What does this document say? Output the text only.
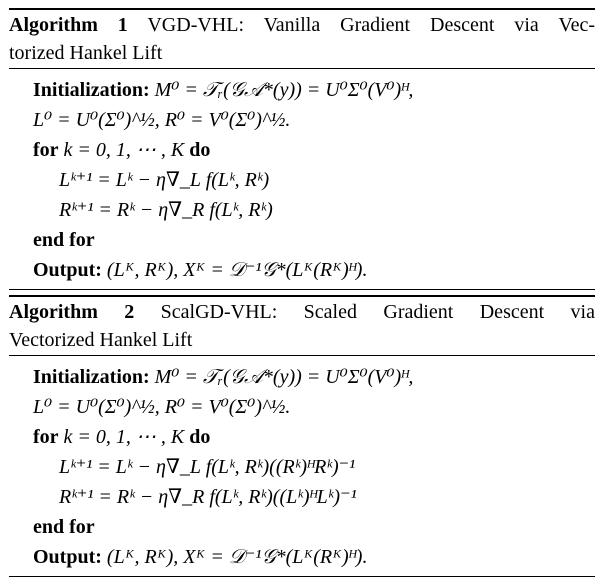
Algorithm 1 VGD-VHL: Vanilla Gradient Descent via Vec-
torized Hankel Lift
Initialization: M⁰ = 𝒯ᵣ(𝒢𝒜*(y)) = U⁰Σ⁰(V⁰)ᴴ,
L⁰ = U⁰(Σ⁰)^½, R⁰ = V⁰(Σ⁰)^½.
for k = 0, 1, ⋯ , K do
Lᵏ⁺¹ = Lᵏ − η∇_L f(Lᵏ, Rᵏ)
Rᵏ⁺¹ = Rᵏ − η∇_R f(Lᵏ, Rᵏ)
end for
Output: (Lᴷ, Rᴷ), Xᴷ = 𝒟⁻¹𝒢*(Lᴷ(Rᴷ)ᴴ).
Algorithm 2 ScalGD-VHL: Scaled Gradient Descent via
Vectorized Hankel Lift
Initialization: M⁰ = 𝒯ᵣ(𝒢𝒜*(y)) = U⁰Σ⁰(V⁰)ᴴ,
L⁰ = U⁰(Σ⁰)^½, R⁰ = V⁰(Σ⁰)^½.
for k = 0, 1, ⋯ , K do
Lᵏ⁺¹ = Lᵏ − η∇_L f(Lᵏ, Rᵏ)((Rᵏ)ᴴRᵏ)⁻¹
Rᵏ⁺¹ = Rᵏ − η∇_R f(Lᵏ, Rᵏ)((Lᵏ)ᴴLᵏ)⁻¹
end for
Output: (Lᴷ, Rᴷ), Xᴷ = 𝒟⁻¹𝒢*(Lᴷ(Rᴷ)ᴴ).
